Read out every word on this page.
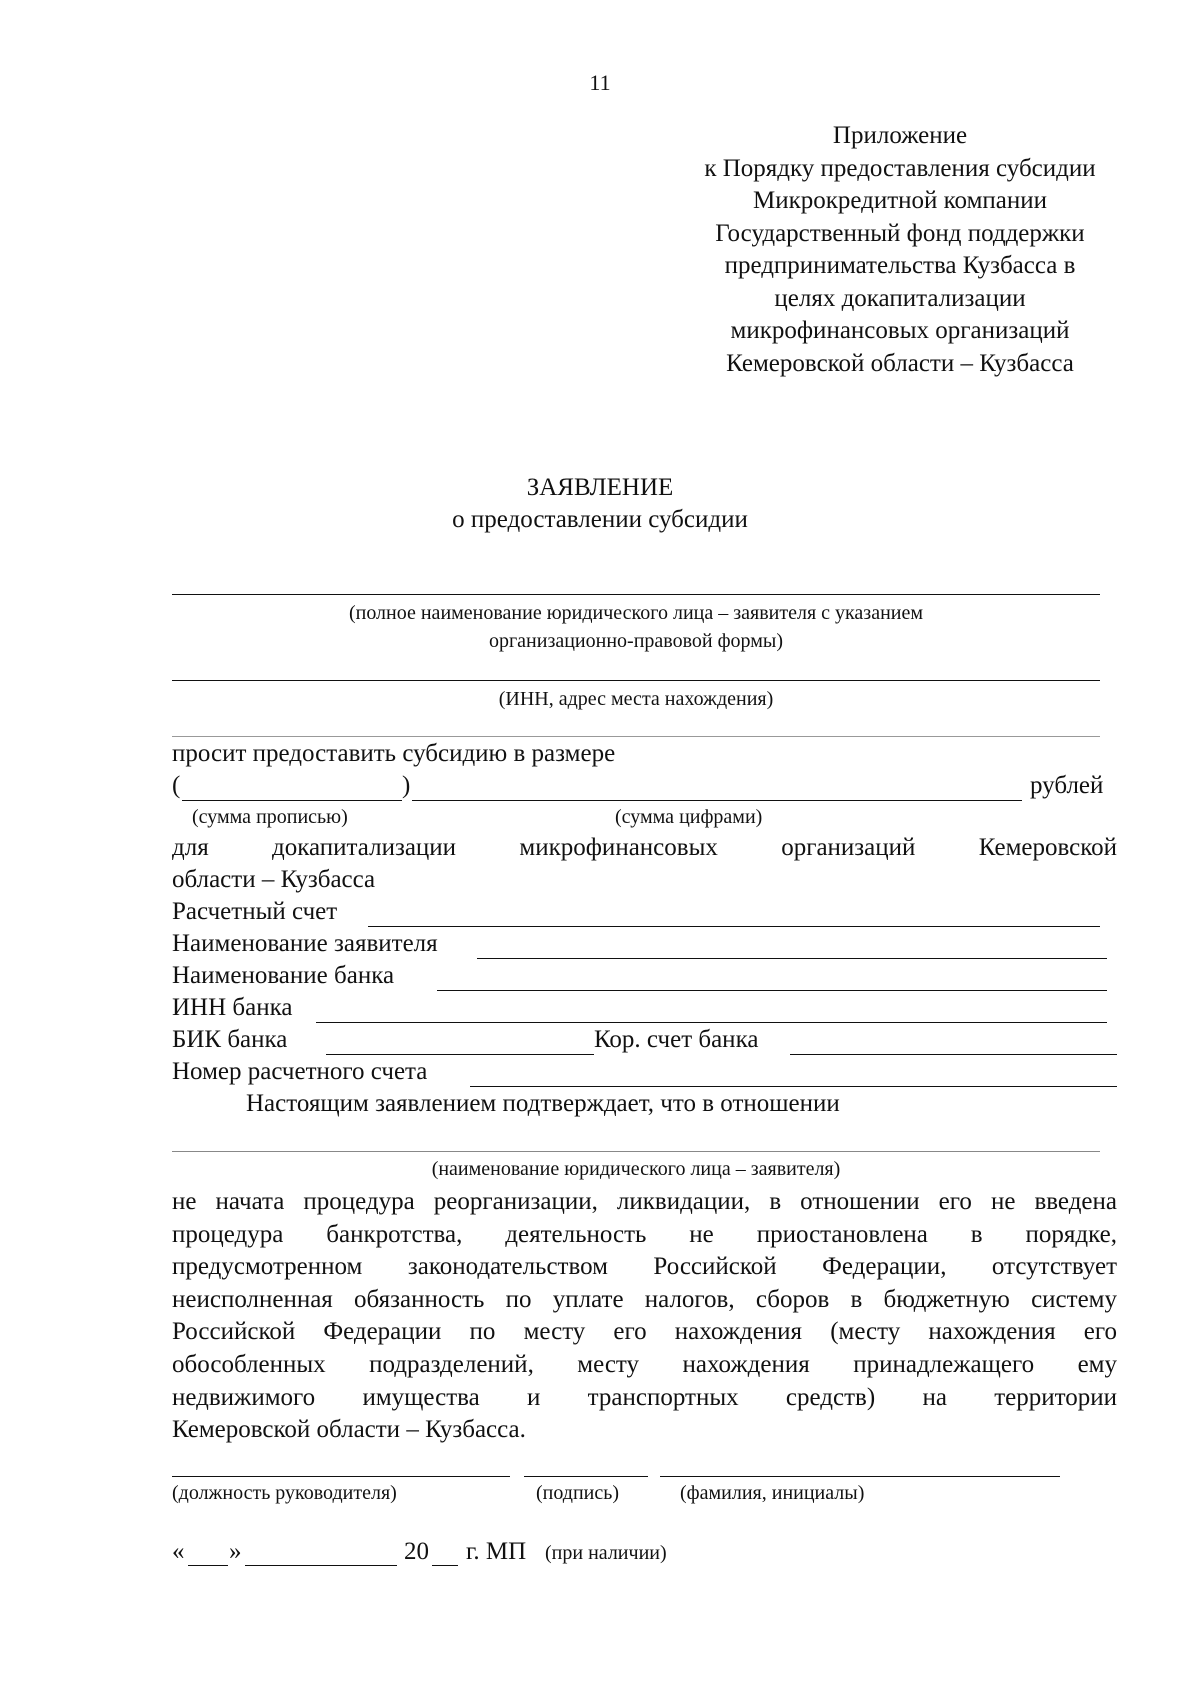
11
Приложение
к Порядку предоставления субсидии
Микрокредитной компании
Государственный фонд поддержки
предпринимательства Кузбасса в
целях докапитализации
микрофинансовых организаций
Кемеровской области – Кузбасса
ЗАЯВЛЕНИЕ
о предоставлении субсидии
(полное наименование юридического лица – заявителя с указанием
организационно-правовой формы)
(ИНН, адрес места нахождения)
просит предоставить субсидию в размере
(	)	рублей
(сумма прописью)	(сумма цифрами)
для	докапитализации	микрофинансовых	организаций	Кемеровской
области – Кузбасса
Расчетный счет
Наименование заявителя
Наименование банка
ИНН банка
БИК банка	Кор. счет банка
Номер расчетного счета
Настоящим заявлением подтверждает, что в отношении
(наименование юридического лица – заявителя)
не начата процедура реорганизации, ликвидации, в отношении его не введена
процедура банкротства, деятельность не приостановлена в порядке,
предусмотренном законодательством Российской Федерации, отсутствует
неисполненная обязанность по уплате налогов, сборов в бюджетную систему
Российской Федерации по месту его нахождения (месту нахождения его
обособленных подразделений, месту нахождения принадлежащего ему
недвижимого имущества и транспортных средств) на территории
Кемеровской области – Кузбасса.
(должность руководителя)	(подпись)	(фамилия, инициалы)
« »	20 г. МП (при наличии)
